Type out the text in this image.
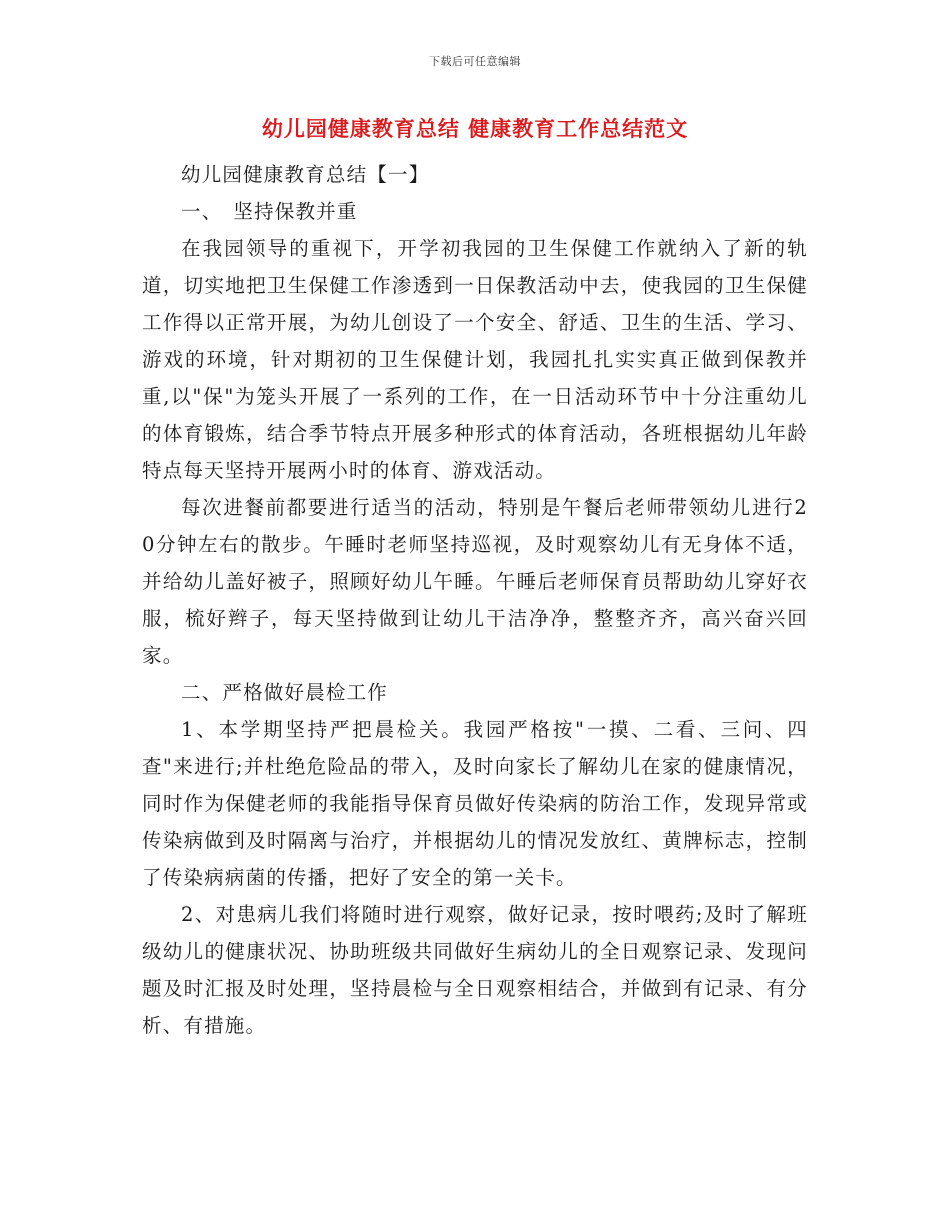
下载后可任意编辑
幼儿园健康教育总结 健康教育工作总结范文

幼儿园健康教育总结【一】

一、　坚持保教并重

在我园领导的重视下，开学初我园的卫生保健工作就纳入了新的轨道，切实地把卫生保健工作渗透到一日保教活动中去，使我园的卫生保健工作得以正常开展，为幼儿创设了一个安全、舒适、卫生的生活、学习、游戏的环境，针对期初的卫生保健计划，我园扎扎实实真正做到保教并重,以"保"为笼头开展了一系列的工作，在一日活动环节中十分注重幼儿的体育锻炼，结合季节特点开展多种形式的体育活动，各班根据幼儿年龄特点每天坚持开展两小时的体育、游戏活动。

每次进餐前都要进行适当的活动，特别是午餐后老师带领幼儿进行20分钟左右的散步。午睡时老师坚持巡视，及时观察幼儿有无身体不适，并给幼儿盖好被子，照顾好幼儿午睡。午睡后老师保育员帮助幼儿穿好衣服，梳好辫子，每天坚持做到让幼儿干洁净净，整整齐齐，高兴奋兴回家。

二、严格做好晨检工作

1、本学期坚持严把晨检关。我园严格按"一摸、二看、三问、四查"来进行;并杜绝危险品的带入，及时向家长了解幼儿在家的健康情况，同时作为保健老师的我能指导保育员做好传染病的防治工作，发现异常或传染病做到及时隔离与治疗，并根据幼儿的情况发放红、黄牌标志，控制了传染病病菌的传播，把好了安全的第一关卡。

2、对患病儿我们将随时进行观察，做好记录，按时喂药;及时了解班级幼儿的健康状况、协助班级共同做好生病幼儿的全日观察记录、发现问题及时汇报及时处理，坚持晨检与全日观察相结合，并做到有记录、有分析、有措施。
